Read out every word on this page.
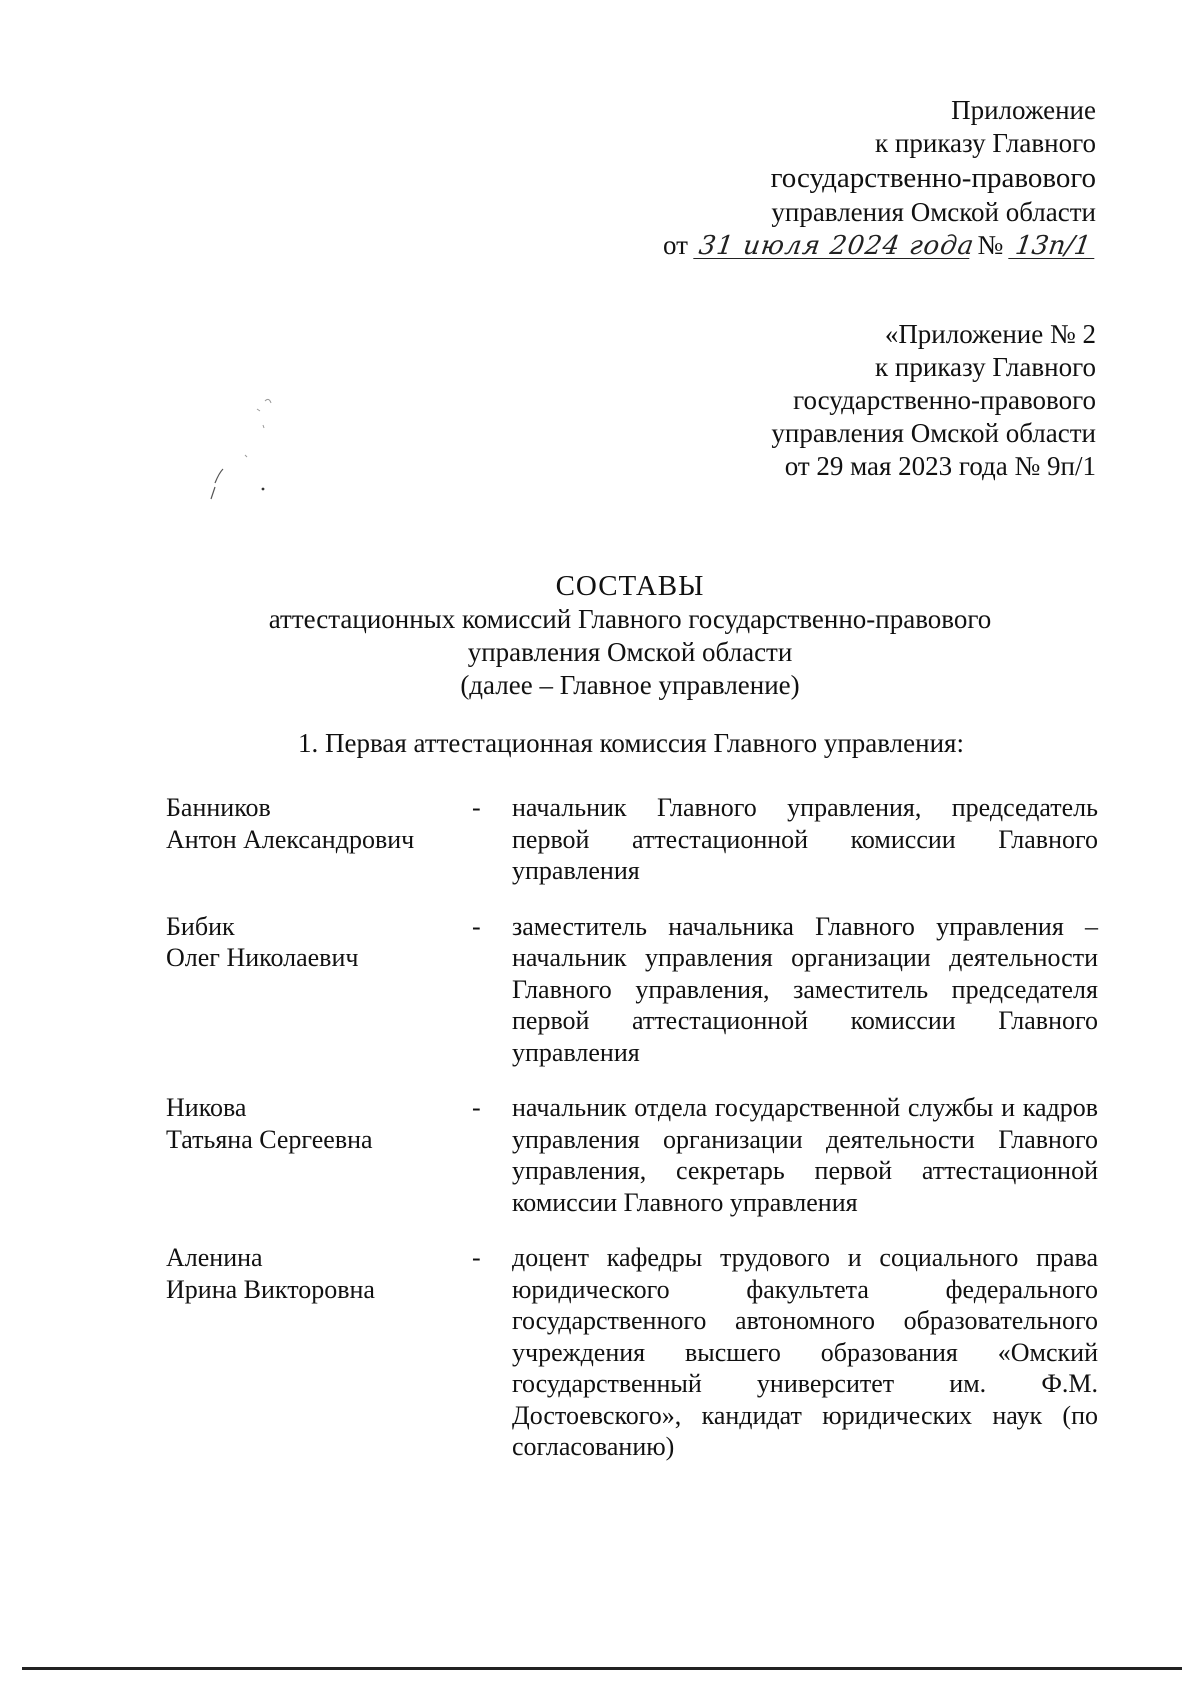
Приложение
к приказу Главного
государственно-правового
управления Омской области
от 31 июля 2024 года № 13п/1
«Приложение № 2
к приказу Главного
государственно-правового
управления Омской области
от 29 мая 2023 года № 9п/1
СОСТАВЫ
аттестационных комиссий Главного государственно-правового
управления Омской области
(далее – Главное управление)
1. Первая аттестационная комиссия Главного управления:
Банников
Антон Александрович
-	начальник Главного управления, председатель первой аттестационной комиссии Главного управления
Бибик
Олег Николаевич
-	заместитель начальника Главного управления – начальник управления организации деятельности Главного управления, заместитель председателя первой аттестационной комиссии Главного управления
Никова
Татьяна Сергеевна
-	начальник отдела государственной службы и кадров управления организации деятельности Главного управления, секретарь первой аттестационной комиссии Главного управления
Аленина
Ирина Викторовна
-	доцент кафедры трудового и социального права юридического факультета федерального государственного автономного образовательного учреждения высшего образования «Омский государственный университет им. Ф.М. Достоевского», кандидат юридических наук (по согласованию)
